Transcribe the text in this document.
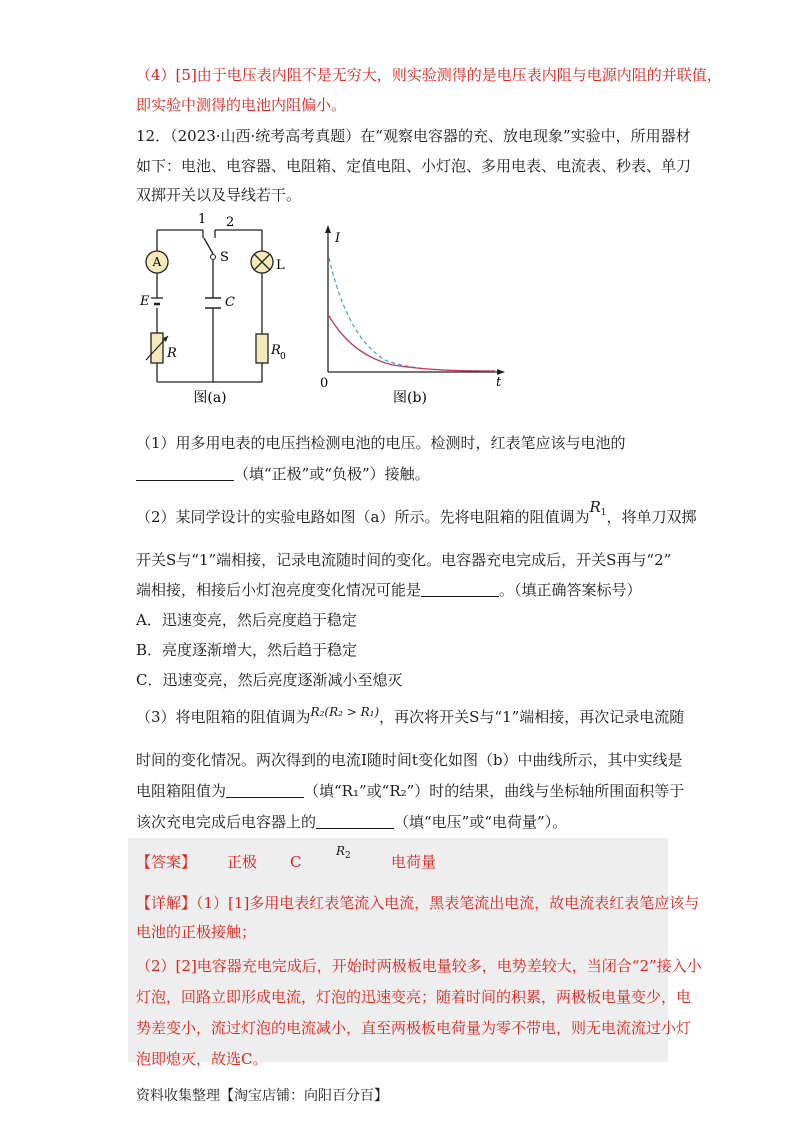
（4）[5]由于电压表内阻不是无穷大，则实验测得的是电压表内阻与电源内阻的并联值，
即实验中测得的电池内阻偏小。
12．（2023·山西·统考高考真题）在“观察电容器的充、放电现象”实验中，所用器材
如下：电池、电容器、电阻箱、定值电阻、小灯泡、多用电表、电流表、秒表、单刀
双掷开关以及导线若干。
A
E
R
S
1 2
C
L
R 0
图(a)
I
t
0
图(b)
（1）用多用电表的电压挡检测电池的电压。检测时，红表笔应该与电池的
（填“正极”或“负极”）接触。
（2）某同学设计的实验电路如图（a）所示。先将电阻箱的阻值调为$R_1$，将单刀双掷
开关S与“1”端相接，记录电流随时间的变化。电容器充电完成后，开关S再与“2”
端相接，相接后小灯泡亮度变化情况可能是	。（填正确答案标号）
A．迅速变亮，然后亮度趋于稳定
B．亮度逐渐增大，然后趋于稳定
C．迅速变亮，然后亮度逐渐减小至熄灭
（3）将电阻箱的阻值调为$^{R_2(R_2 > R_1)}$，再次将开关S与“1”端相接，再次记录电流随
时间的变化情况。两次得到的电流I随时间t变化如图（b）中曲线所示，其中实线是
电阻箱阻值为	（填“R₁”或“R₂”）时的结果，曲线与坐标轴所围面积等于
该次充电完成后电容器上的	（填“电压”或“电荷量”）。
【答案】 正极 C
$R_2$	电荷量
【详解】（1）[1]多用电表红表笔流入电流，黑表笔流出电流，故电流表红表笔应该与
电池的正极接触；
（2）[2]电容器充电完成后，开始时两极板电量较多，电势差较大，当闭合“2”接入小
灯泡，回路立即形成电流，灯泡的迅速变亮；随着时间的积累，两极板电量变少，电
势差变小，流过灯泡的电流减小，直至两极板电荷量为零不带电，则无电流流过小灯
泡即熄灭，故选C。
资料收集整理【淘宝店铺：向阳百分百】
